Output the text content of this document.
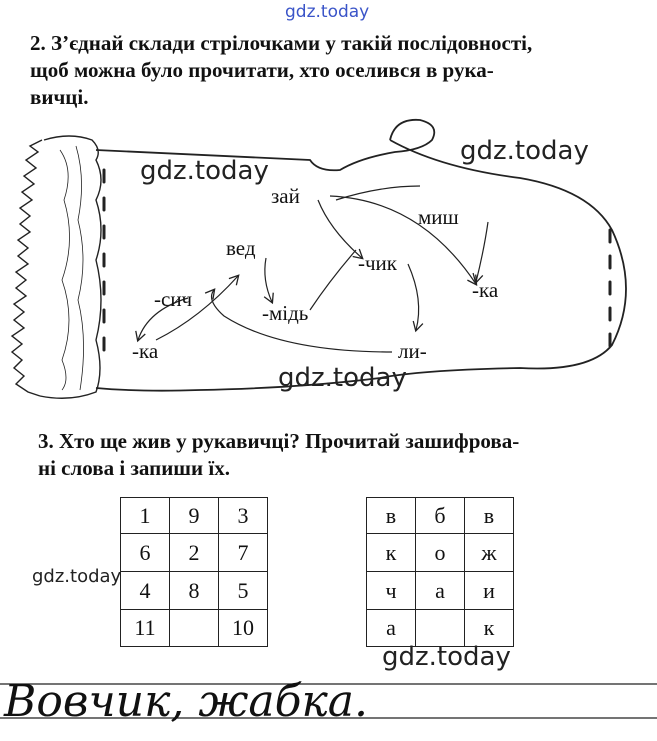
gdz.today
2. З’єднай склади стрілочками у такій послідовності,
щоб можна було прочитати, хто оселився в рука-
вичці.
зай
миш
вед
-чик
-ка
-сич
-мідь
-ка	ли-
gdz.today
gdz.today
gdz.today
gdz.today
gdz.today
3. Хто ще жив у рукавичці? Прочитай зашифрова-
ні слова і запиши їх.
1	9	3
6	2	7
4	8	5
11		10
в	б	в
к	о	ж
ч	а	и
а		к
Вовчик, жабка.
